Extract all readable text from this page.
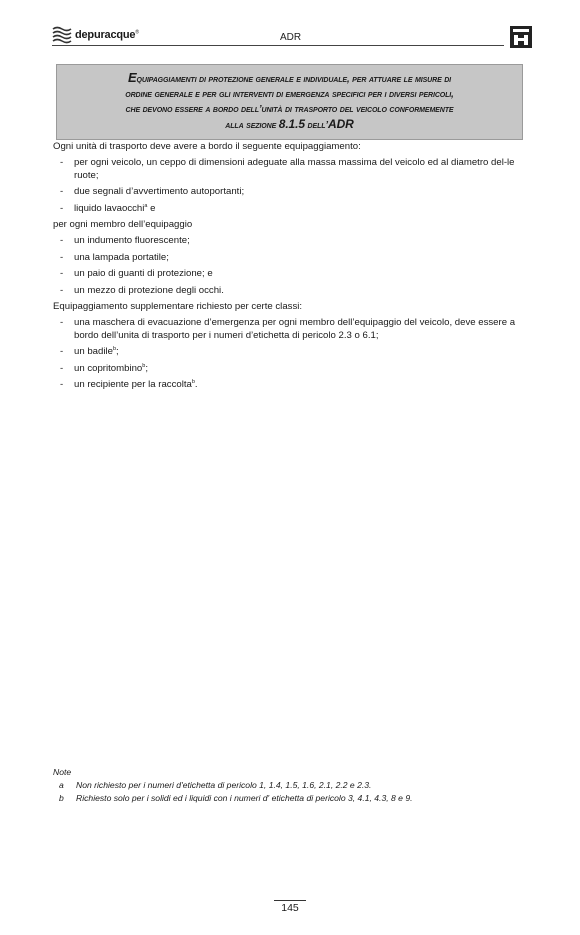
depuracque®	ADR
Equipaggiamenti di protezione generale e individuale, per attuare le misure di
ordine generale e per gli interventi di emergenza specifici per i diversi pericoli,
che devono essere a bordo dell’unità di trasporto del veicolo conformemente
alla sezione 8.1.5 dell’ADR

Ogni unità di trasporto deve avere a bordo il seguente equipaggiamento:

- per ogni veicolo, un ceppo di dimensioni adeguate alla massa massima del veicolo ed al diametro del-le ruote;
- due segnali d’avvertimento autoportanti;
- liquido lavaocchi$^a$ e

per ogni membro dell’equipaggio

- un indumento fluorescente;
- una lampada portatile;
- un paio di guanti di protezione; e
- un mezzo di protezione degli occhi.

Equipaggiamento supplementare richiesto per certe classi:

- una maschera di evacuazione d’emergenza per ogni membro dell’equipaggio del veicolo, deve essere a bordo dell’unita di trasporto per i numeri d’etichetta di pericolo 2.3 o 6.1;
- un badile$^b$;
- un copritombino$^b$;
- un recipiente per la raccolta$^b$.
Note
a Non richiesto per i numeri d'etichetta di pericolo 1, 1.4, 1.5, 1.6, 2.1, 2.2 e 2.3.
b Richiesto solo per i solidi ed i liquidi con i numeri d' etichetta di pericolo 3, 4.1, 4.3, 8 e 9.
145
